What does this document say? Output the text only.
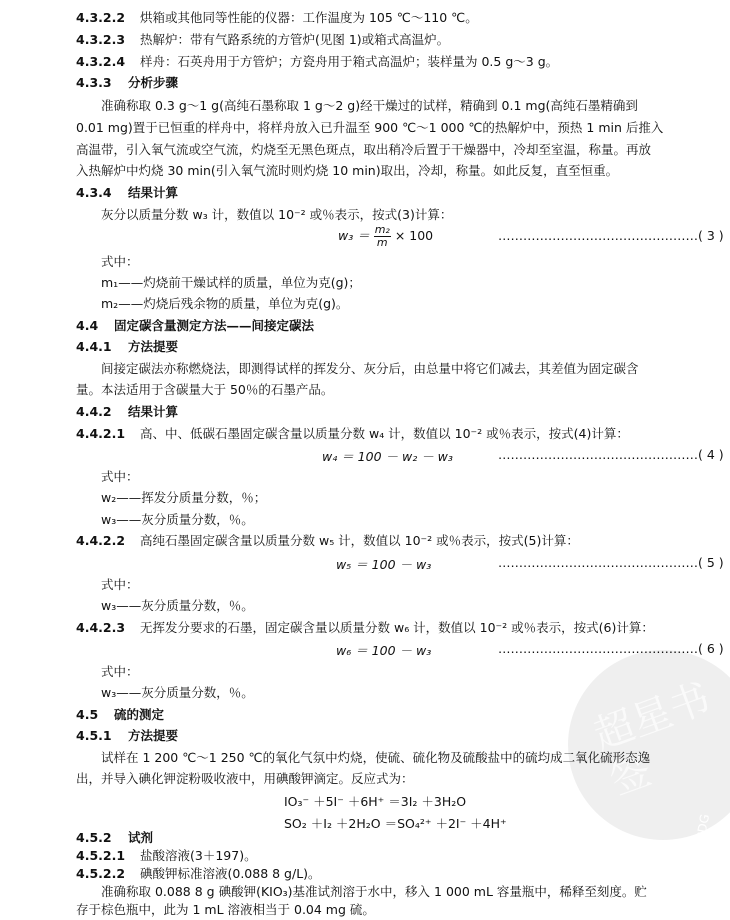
超星书签
PDG
4.3.2.2 烘箱或其他同等性能的仪器：工作温度为 105 ℃～110 ℃。
4.3.2.3 热解炉：带有气路系统的方管炉(见图 1)或箱式高温炉。
4.3.2.4 样舟：石英舟用于方管炉；方瓷舟用于箱式高温炉；装样量为 0.5 g～3 g。
4.3.3 分析步骤
准确称取 0.3 g～1 g(高纯石墨称取 1 g～2 g)经干燥过的试样，精确到 0.1 mg(高纯石墨精确到
0.01 mg)置于已恒重的样舟中，将样舟放入已升温至 900 ℃～1 000 ℃的热解炉中，预热 1 min 后推入
高温带，引入氧气流或空气流，灼烧至无黑色斑点，取出稍冷后置于干燥器中，冷却至室温，称量。再放
入热解炉中灼烧 30 min(引入氧气流时则灼烧 10 min)取出，冷却，称量。如此反复，直至恒重。
4.3.4 结果计算
灰分以质量分数 w₃ 计，数值以 10⁻² 或％表示，按式(3)计算：
$w_3 = \frac{\text{m₂}}{m} \times 100$	…………………………………………( 3 )
式中：
m₁——灼烧前干燥试样的质量，单位为克(g)；
m₂——灼烧后残余物的质量，单位为克(g)。
4.4 固定碳含量测定方法——间接定碳法
4.4.1 方法提要
间接定碳法亦称燃烧法，即测得试样的挥发分、灰分后，由总量中将它们减去，其差值为固定碳含
量。本法适用于含碳量大于 50％的石墨产品。
4.4.2 结果计算
4.4.2.1 高、中、低碳石墨固定碳含量以质量分数 w₄ 计，数值以 10⁻² 或％表示，按式(4)计算：
w₄ ＝ 100 － w₂ － w₃	…………………………………………( 4 )
式中：
w₂——挥发分质量分数，％；
w₃——灰分质量分数，％。
4.4.2.2 高纯石墨固定碳含量以质量分数 w₅ 计，数值以 10⁻² 或％表示，按式(5)计算：
w₅ ＝ 100 － w₃	…………………………………………( 5 )
式中：
w₃——灰分质量分数，％。
4.4.2.3 无挥发分要求的石墨，固定碳含量以质量分数 w₆ 计，数值以 10⁻² 或％表示，按式(6)计算：
w₆ ＝ 100 － w₃	…………………………………………( 6 )
式中：
w₃——灰分质量分数，％。
4.5 硫的测定
4.5.1 方法提要
试样在 1 200 ℃～1 250 ℃的氧化气氛中灼烧，使硫、硫化物及硫酸盐中的硫均成二氧化硫形态逸
出，并导入碘化钾淀粉吸收液中，用碘酸钾滴定。反应式为：
IO₃⁻ ＋5I⁻ ＋6H⁺ ＝3I₂ ＋3H₂O
SO₂ ＋I₂ ＋2H₂O ＝SO₄²⁺ ＋2I⁻ ＋4H⁺
4.5.2 试剂
4.5.2.1 盐酸溶液(3＋197)。
4.5.2.2 碘酸钾标准溶液(0.088 8 g/L)。
准确称取 0.088 8 g 碘酸钾(KIO₃)基准试剂溶于水中，移入 1 000 mL 容量瓶中，稀释至刻度。贮
存于棕色瓶中，此为 1 mL 溶液相当于 0.04 mg 硫。
